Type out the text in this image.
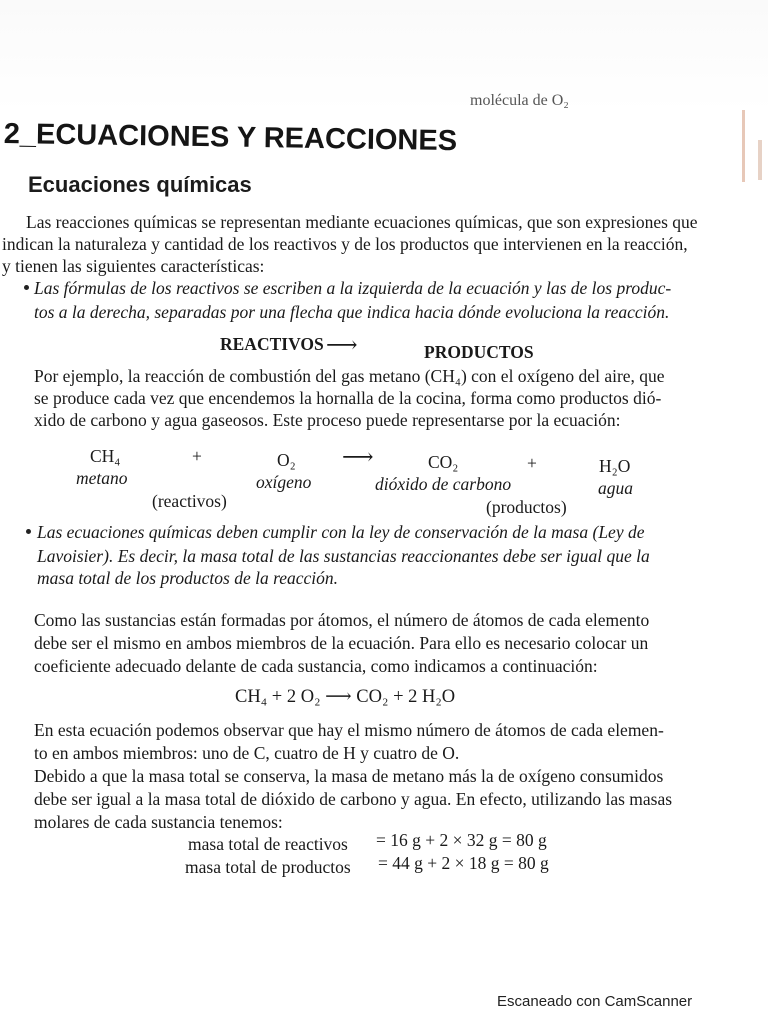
molécula de O₂
2_ECUACIONES Y REACCIONES
Ecuaciones químicas

Las reacciones químicas se representan mediante ecuaciones químicas, que son expresiones que

indican la naturaleza y cantidad de los reactivos y de los productos que intervienen en la reacción,

y tienen las siguientes características:

Las fórmulas de los reactivos se escriben a la izquierda de la ecuación y las de los produc-

tos a la derecha, separadas por una flecha que indica hacia dónde evoluciona la reacción.

REACTIVOS ⟶	PRODUCTOS

Por ejemplo, la reacción de combustión del gas metano (CH₄) con el oxígeno del aire, que

se produce cada vez que encendemos la hornalla de la cocina, forma como productos dió-

xido de carbono y agua gaseosos. Este proceso puede representarse por la ecuación:

CH₄	+	O₂ ⟶	CO₂	+	H₂O
metano	oxígeno	dióxido de carbono	agua
(reactivos)	(productos)

Las ecuaciones químicas deben cumplir con la ley de conservación de la masa (Ley de

Lavoisier). Es decir, la masa total de las sustancias reaccionantes debe ser igual que la

masa total de los productos de la reacción.

Como las sustancias están formadas por átomos, el número de átomos de cada elemento

debe ser el mismo en ambos miembros de la ecuación. Para ello es necesario colocar un

coeficiente adecuado delante de cada sustancia, como indicamos a continuación:

CH₄ + 2 O₂ ⟶ CO₂ + 2 H₂O

En esta ecuación podemos observar que hay el mismo número de átomos de cada elemen-

to en ambos miembros: uno de C, cuatro de H y cuatro de O.

Debido a que la masa total se conserva, la masa de metano más la de oxígeno consumidos

debe ser igual a la masa total de dióxido de carbono y agua. En efecto, utilizando las masas

molares de cada sustancia tenemos:

masa total de reactivos = 16 g + 2 × 32 g = 80 g
masa total de productos = 44 g + 2 × 18 g = 80 g

Escaneado con CamScanner
